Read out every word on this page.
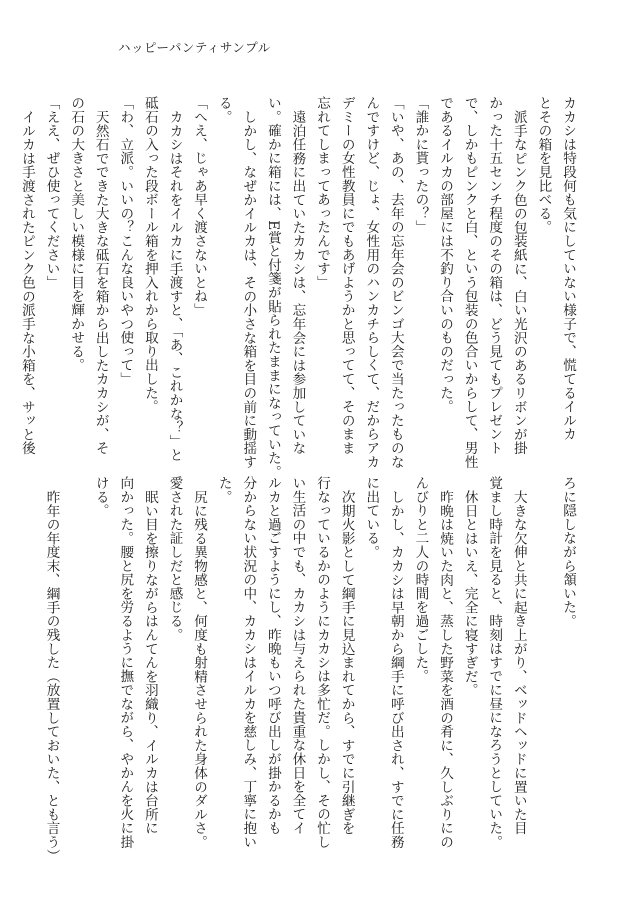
ハッピーパンティサンプル
カカシは特段何も気にしていない様子で、慌てるイルカ
とその箱を見比べる。
派手なピンク色の包装紙に、白い光沢のあるリボンが掛
かった十五センチ程度のその箱は、どう見てもプレゼント
で、しかもピンクと白、という包装の色合いからして、男性
であるイルカの部屋には不釣り合いのものだった。
「誰かに貰ったの？」
「いや、あの、去年の忘年会のビンゴ大会で当たったものな
んですけど、じょ、女性用のハンカチらしくて、だからアカ
デミーの女性教員にでもあげようかと思ってて、そのまま
忘れてしまってあったんです」
遠泊任務に出ていたカカシは、忘年会には参加していな
い。確かに箱には、E賞と付箋が貼られたままになっていた。
しかし、なぜかイルカは、その小さな箱を目の前に動揺す
る。
「へえ、じゃあ早く渡さないとね」
カカシはそれをイルカに手渡すと、「あ、これかな？」と
砥石の入った段ボール箱を押入れから取り出した。
「わ、立派。いいの？こんな良いやつ使って」
天然石でできた大きな砥石を箱から出したカカシが、そ
の石の大きさと美しい模様に目を輝かせる。
「ええ、ぜひ使ってください」
イルカは手渡されたピンク色の派手な小箱を、サッと後
ろに隠しながら頷いた。

大きな欠伸と共に起き上がり、ベッドヘッドに置いた目
覚まし時計を見ると、時刻はすでに昼になろうとしていた。
休日とはいえ、完全に寝すぎだ。
昨晩は焼いた肉と、蒸した野菜を酒の肴に、久しぶりにの
んびりと二人の時間を過ごした。
しかし、カカシは早朝から綱手に呼び出され、すでに任務
に出ている。
次期火影として綱手に見込まれてから、すでに引継ぎを
行なっているかのようにカカシは多忙だ。しかし、その忙し
い生活の中でも、カカシは与えられた貴重な休日を全てイ
ルカと過ごすようにし、昨晩もいつ呼び出しが掛かるかも
分からない状況の中、カカシはイルカを慈しみ、丁寧に抱い
た。
尻に残る異物感と、何度も射精させられた身体のダルさ。
愛された証しだと感じる。
眠い目を擦りながらはんてんを羽織り、イルカは台所に
向かった。腰と尻を労るように撫でながら、やかんを火に掛
ける。

昨年の年度末、綱手の残した（放置しておいた、とも言う）
